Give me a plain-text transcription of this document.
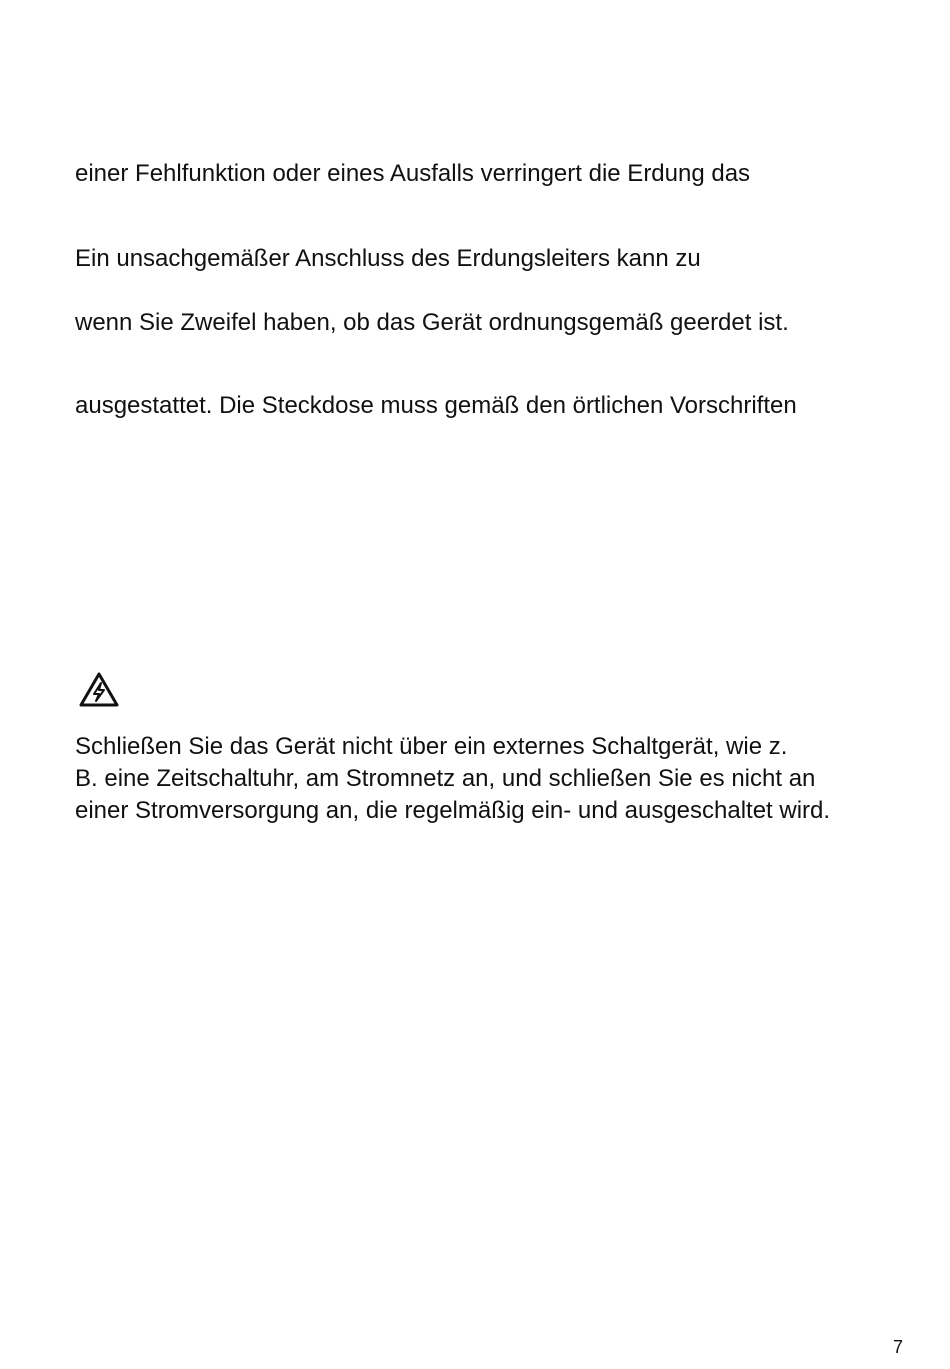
einer Fehlfunktion oder eines Ausfalls verringert die Erdung das
Ein unsachgemäßer Anschluss des Erdungsleiters kann zu
wenn Sie Zweifel haben, ob das Gerät ordnungsgemäß geerdet ist.
ausgestattet. Die Steckdose muss gemäß den örtlichen Vorschriften
Schließen Sie das Gerät nicht über ein externes Schaltgerät, wie z.
B. eine Zeitschaltuhr, am Stromnetz an, und schließen Sie es nicht an
einer Stromversorgung an, die regelmäßig ein- und ausgeschaltet wird.
7
